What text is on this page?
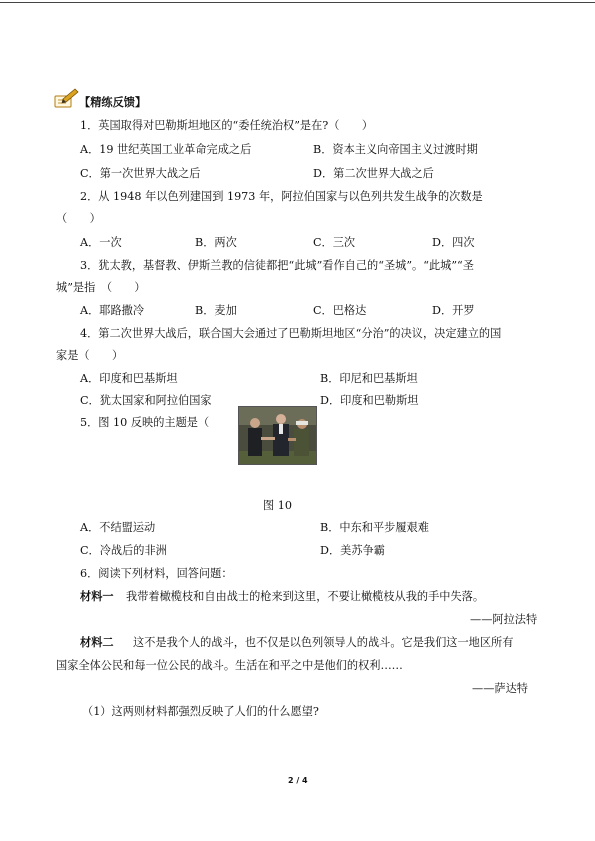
【精练反馈】
1．英国取得对巴勒斯坦地区的“委任统治权”是在?（　　）
A．19 世纪英国工业革命完成之后	B．资本主义向帝国主义过渡时期
C．第一次世界大战之后	D．第二次世界大战之后
2．从 1948 年以色列建国到 1973 年，阿拉伯国家与以色列共发生战争的次数是
（　　）
A．一次	B．两次	C．三次	D．四次
3．犹太教，基督教、伊斯兰教的信徒都把“此城”看作自己的“圣城”。“此城”“圣
城”是指　（　　）
A．耶路撒冷	B．麦加	C．巴格达	D．开罗
4．第二次世界大战后，联合国大会通过了巴勒斯坦地区“分治”的决议，决定建立的国
家是（　　）
A．印度和巴基斯坦	B．印尼和巴基斯坦
C．犹太国家和阿拉伯国家	D．印度和巴勒斯坦
5．图 10 反映的主题是（
图 10
A．不结盟运动	B．中东和平步履艰难
C．冷战后的非洲	D．美苏争霸
6．阅读下列材料，回答问题：
材料一 我带着橄榄枝和自由战士的枪来到这里，不要让橄榄枝从我的手中失落。
——阿拉法特
材料二 这不是我个人的战斗，也不仅是以色列领导人的战斗。它是我们这一地区所有
国家全体公民和每一位公民的战斗。生活在和平之中是他们的权利……
——萨达特
（1）这两则材料都强烈反映了人们的什么愿望?
2 / 4
